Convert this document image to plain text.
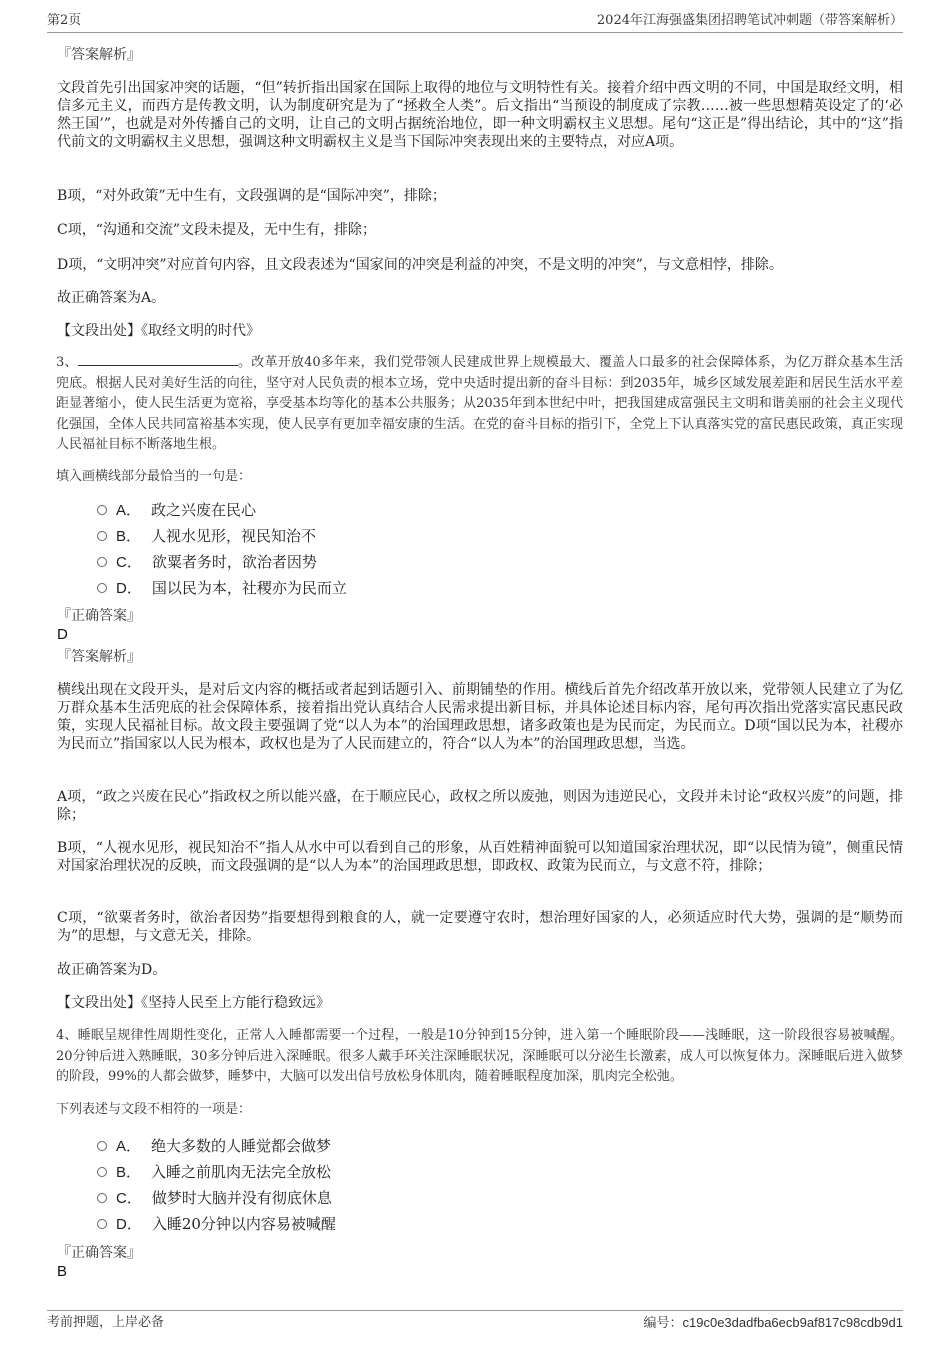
第2页	2024年江海强盛集团招聘笔试冲刺题（带答案解析）
『答案解析』

文段首先引出国家冲突的话题，“但”转折指出国家在国际上取得的地位与文明特性有关。接着介绍中西文明的不同，中国是取经文明，相信多元主义，而西方是传教文明，认为制度研究是为了“拯救全人类”。后文指出“当预设的制度成了宗教……被一些思想精英设定了的‘必然王国’”，也就是对外传播自己的文明，让自己的文明占据统治地位，即一种文明霸权主义思想。尾句“这正是”得出结论，其中的“这”指代前文的文明霸权主义思想，强调这种文明霸权主义是当下国际冲突表现出来的主要特点，对应A项。

B项，“对外政策”无中生有，文段强调的是“国际冲突”，排除；

C项，“沟通和交流”文段未提及，无中生有，排除；

D项，“文明冲突”对应首句内容，且文段表述为“国家间的冲突是利益的冲突，不是文明的冲突”，与文意相悖，排除。

故正确答案为A。

【文段出处】《取经文明的时代》

3、	。改革开放40多年来，我们党带领人民建成世界上规模最大、覆盖人口最多的社会保障体系，为亿万群众基本生活兜底。根据人民对美好生活的向往，坚守对人民负责的根本立场，党中央适时提出新的奋斗目标：到2035年，城乡区域发展差距和居民生活水平差距显著缩小，使人民生活更为宽裕，享受基本均等化的基本公共服务；从2035年到本世纪中叶，把我国建成富强民主文明和谐美丽的社会主义现代化强国，全体人民共同富裕基本实现，使人民享有更加幸福安康的生活。在党的奋斗目标的指引下，全党上下认真落实党的富民惠民政策，真正实现人民福祉目标不断落地生根。

填入画横线部分最恰当的一句是：

A． 政之兴废在民心
B． 人视水见形，视民知治不
C． 欲粟者务时，欲治者因势
D． 国以民为本，社稷亦为民而立
『正确答案』
D
『答案解析』

横线出现在文段开头，是对后文内容的概括或者起到话题引入、前期铺垫的作用。横线后首先介绍改革开放以来，党带领人民建立了为亿万群众基本生活兜底的社会保障体系，接着指出党认真结合人民需求提出新目标，并具体论述目标内容，尾句再次指出党落实富民惠民政策，实现人民福祉目标。故文段主要强调了党“以人为本”的治国理政思想，诸多政策也是为民而定，为民而立。D项“国以民为本，社稷亦为民而立”指国家以人民为根本，政权也是为了人民而建立的，符合“以人为本”的治国理政思想，当选。

A项，“政之兴废在民心”指政权之所以能兴盛，在于顺应民心，政权之所以废弛，则因为违逆民心，文段并未讨论“政权兴废”的问题，排除；

B项，“人视水见形，视民知治不”指人从水中可以看到自己的形象，从百姓精神面貌可以知道国家治理状况，即“以民情为镜”，侧重民情对国家治理状况的反映，而文段强调的是“以人为本”的治国理政思想，即政权、政策为民而立，与文意不符，排除；

C项，“欲粟者务时，欲治者因势”指要想得到粮食的人，就一定要遵守农时，想治理好国家的人，必须适应时代大势，强调的是“顺势而为”的思想，与文意无关，排除。

故正确答案为D。

【文段出处】《坚持人民至上方能行稳致远》

4、睡眠呈规律性周期性变化，正常人入睡都需要一个过程，一般是10分钟到15分钟，进入第一个睡眠阶段——浅睡眠，这一阶段很容易被喊醒。20分钟后进入熟睡眠，30多分钟后进入深睡眠。很多人戴手环关注深睡眠状况，深睡眠可以分泌生长激素，成人可以恢复体力。深睡眠后进入做梦的阶段，99%的人都会做梦，睡梦中，大脑可以发出信号放松身体肌肉，随着睡眠程度加深，肌肉完全松弛。

下列表述与文段不相符的一项是：

A． 绝大多数的人睡觉都会做梦
B． 入睡之前肌肉无法完全放松
C． 做梦时大脑并没有彻底休息
D． 入睡20分钟以内容易被喊醒
『正确答案』
B
考前押题，上岸必备	编号：c19c0e3dadfba6ecb9af817c98cdb9d1
